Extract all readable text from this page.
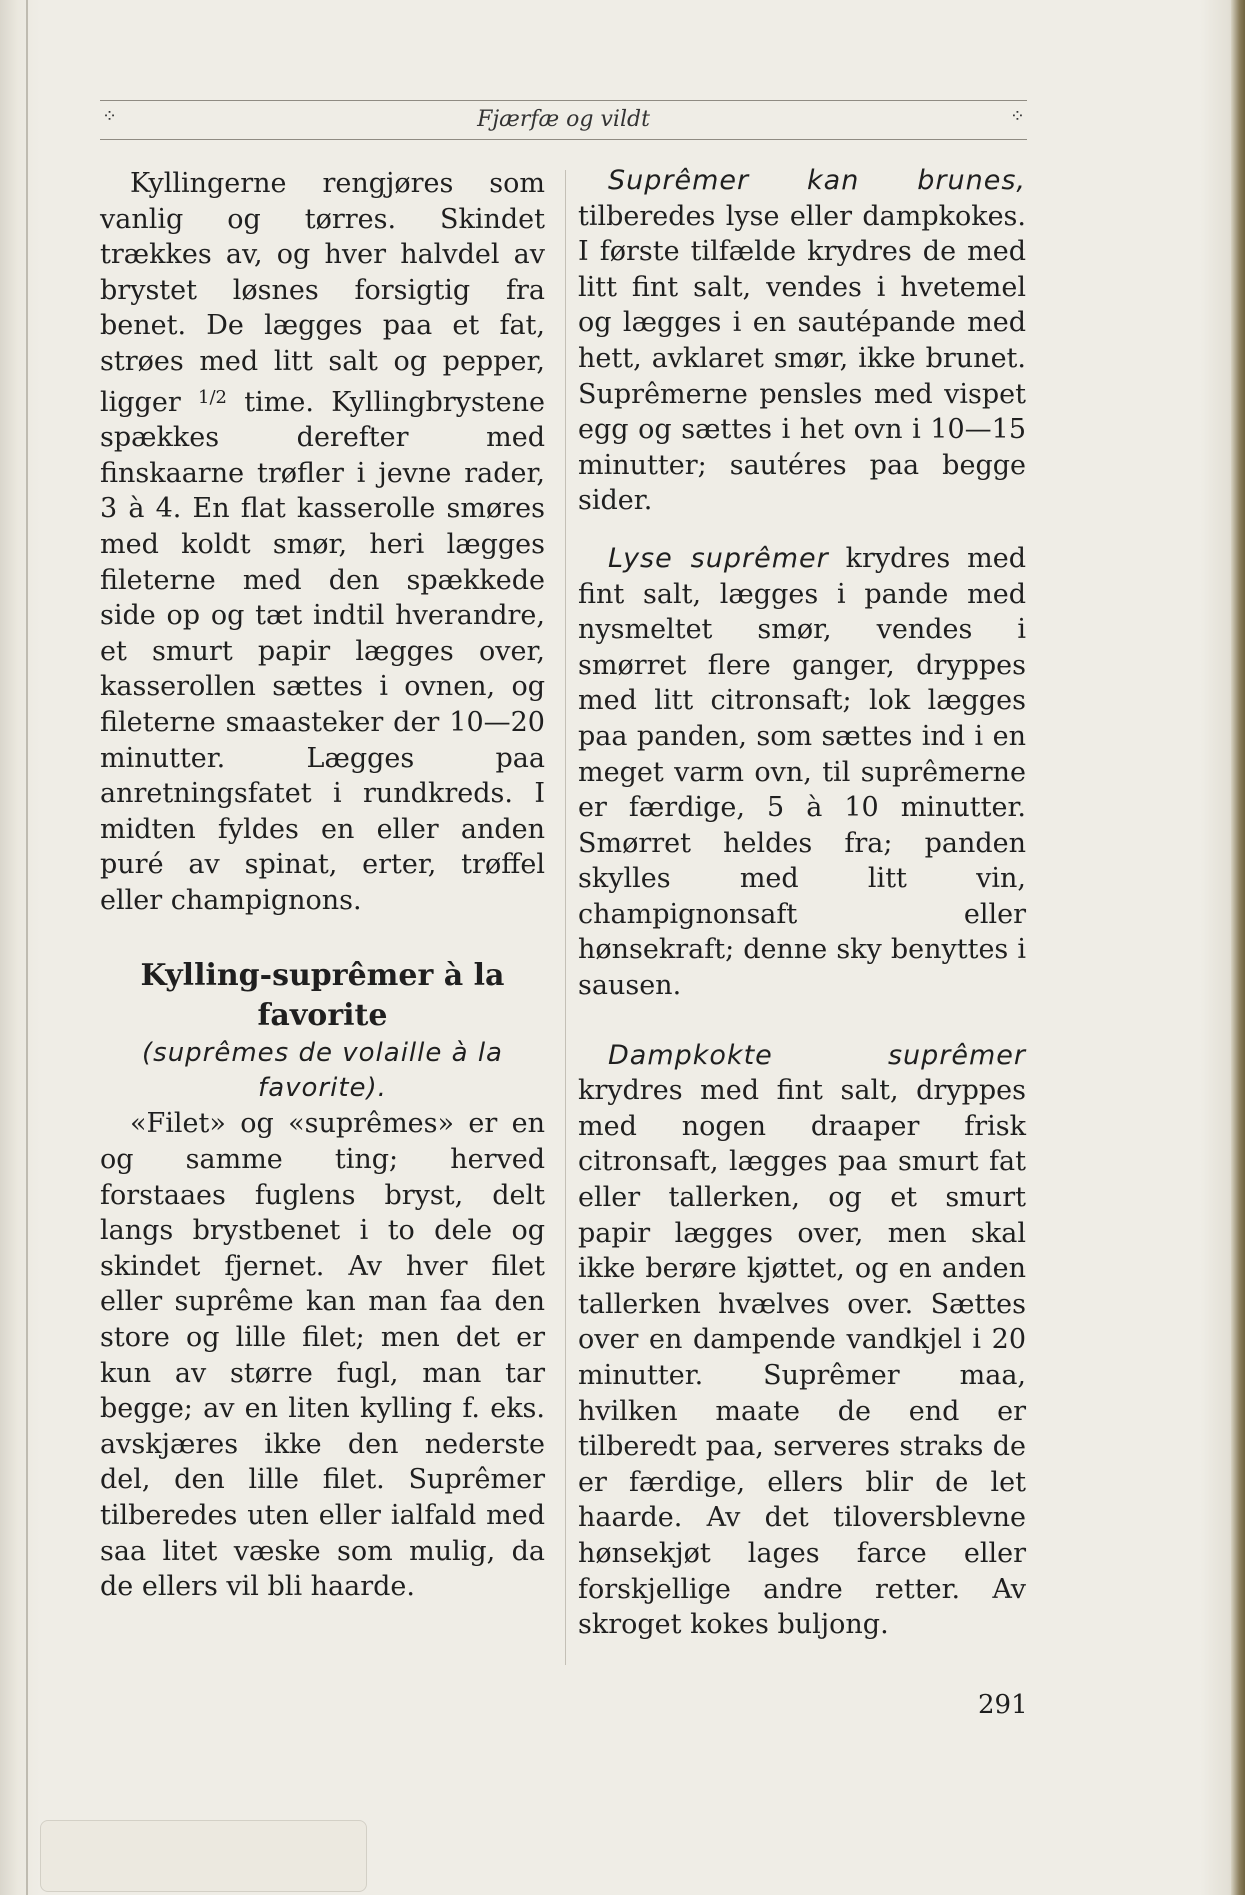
⁘	Fjærfæ og vildt	⁘

Kyllingerne rengjøres som vanlig og tørres. Skindet trækkes av, og hver halvdel av brystet løsnes forsigtig fra benet. De lægges paa et fat, strøes med litt salt og pepper, ligger $^{1/2}$ time. Kyllingbrystene spækkes derefter med finskaarne trøfler i jevne rader, 3 à 4. En flat kasserolle smøres med koldt smør, heri lægges fileterne med den spækkede side op og tæt indtil hverandre, et smurt papir lægges over, kasserollen sættes i ovnen, og fileterne smaasteker der 10—20 minutter. Lægges paa anretningsfatet i rundkreds. I midten fyldes en eller anden puré av spinat, erter, trøffel eller champignons.

Kylling-suprêmer à la favorite

(suprêmes de volaille à la favorite).

«Filet» og «suprêmes» er en og samme ting; herved forstaaes fuglens bryst, delt langs brystbenet i to dele og skindet fjernet. Av hver filet eller suprême kan man faa den store og lille filet; men det er kun av større fugl, man tar begge; av en liten kylling f. eks. avskjæres ikke den nederste del, den lille filet. Suprêmer tilberedes uten eller ialfald med saa litet væske som mulig, da de ellers vil bli haarde.

Suprêmer kan brunes, tilberedes lyse eller dampkokes. I første tilfælde krydres de med litt fint salt, vendes i hvetemel og lægges i en sautépande med hett, avklaret smør, ikke brunet. Suprêmerne pensles med vispet egg og sættes i het ovn i 10—15 minutter; sautéres paa begge sider.

Lyse suprêmer krydres med fint salt, lægges i pande med nysmeltet smør, vendes i smørret flere ganger, dryppes med litt citronsaft; lok lægges paa panden, som sættes ind i en meget varm ovn, til suprêmerne er færdige, 5 à 10 minutter. Smørret heldes fra; panden skylles med litt vin, champignonsaft eller hønsekraft; denne sky benyttes i sausen.

Dampkokte suprêmer krydres med fint salt, dryppes med nogen draaper frisk citronsaft, lægges paa smurt fat eller tallerken, og et smurt papir lægges over, men skal ikke berøre kjøttet, og en anden tallerken hvælves over. Sættes over en dampende vandkjel i 20 minutter. Suprêmer maa, hvilken maate de end er tilberedt paa, serveres straks de er færdige, ellers blir de let haarde. Av det tiloversblevne hønsekjøt lages farce eller forskjellige andre retter. Av skroget kokes buljong.

291
